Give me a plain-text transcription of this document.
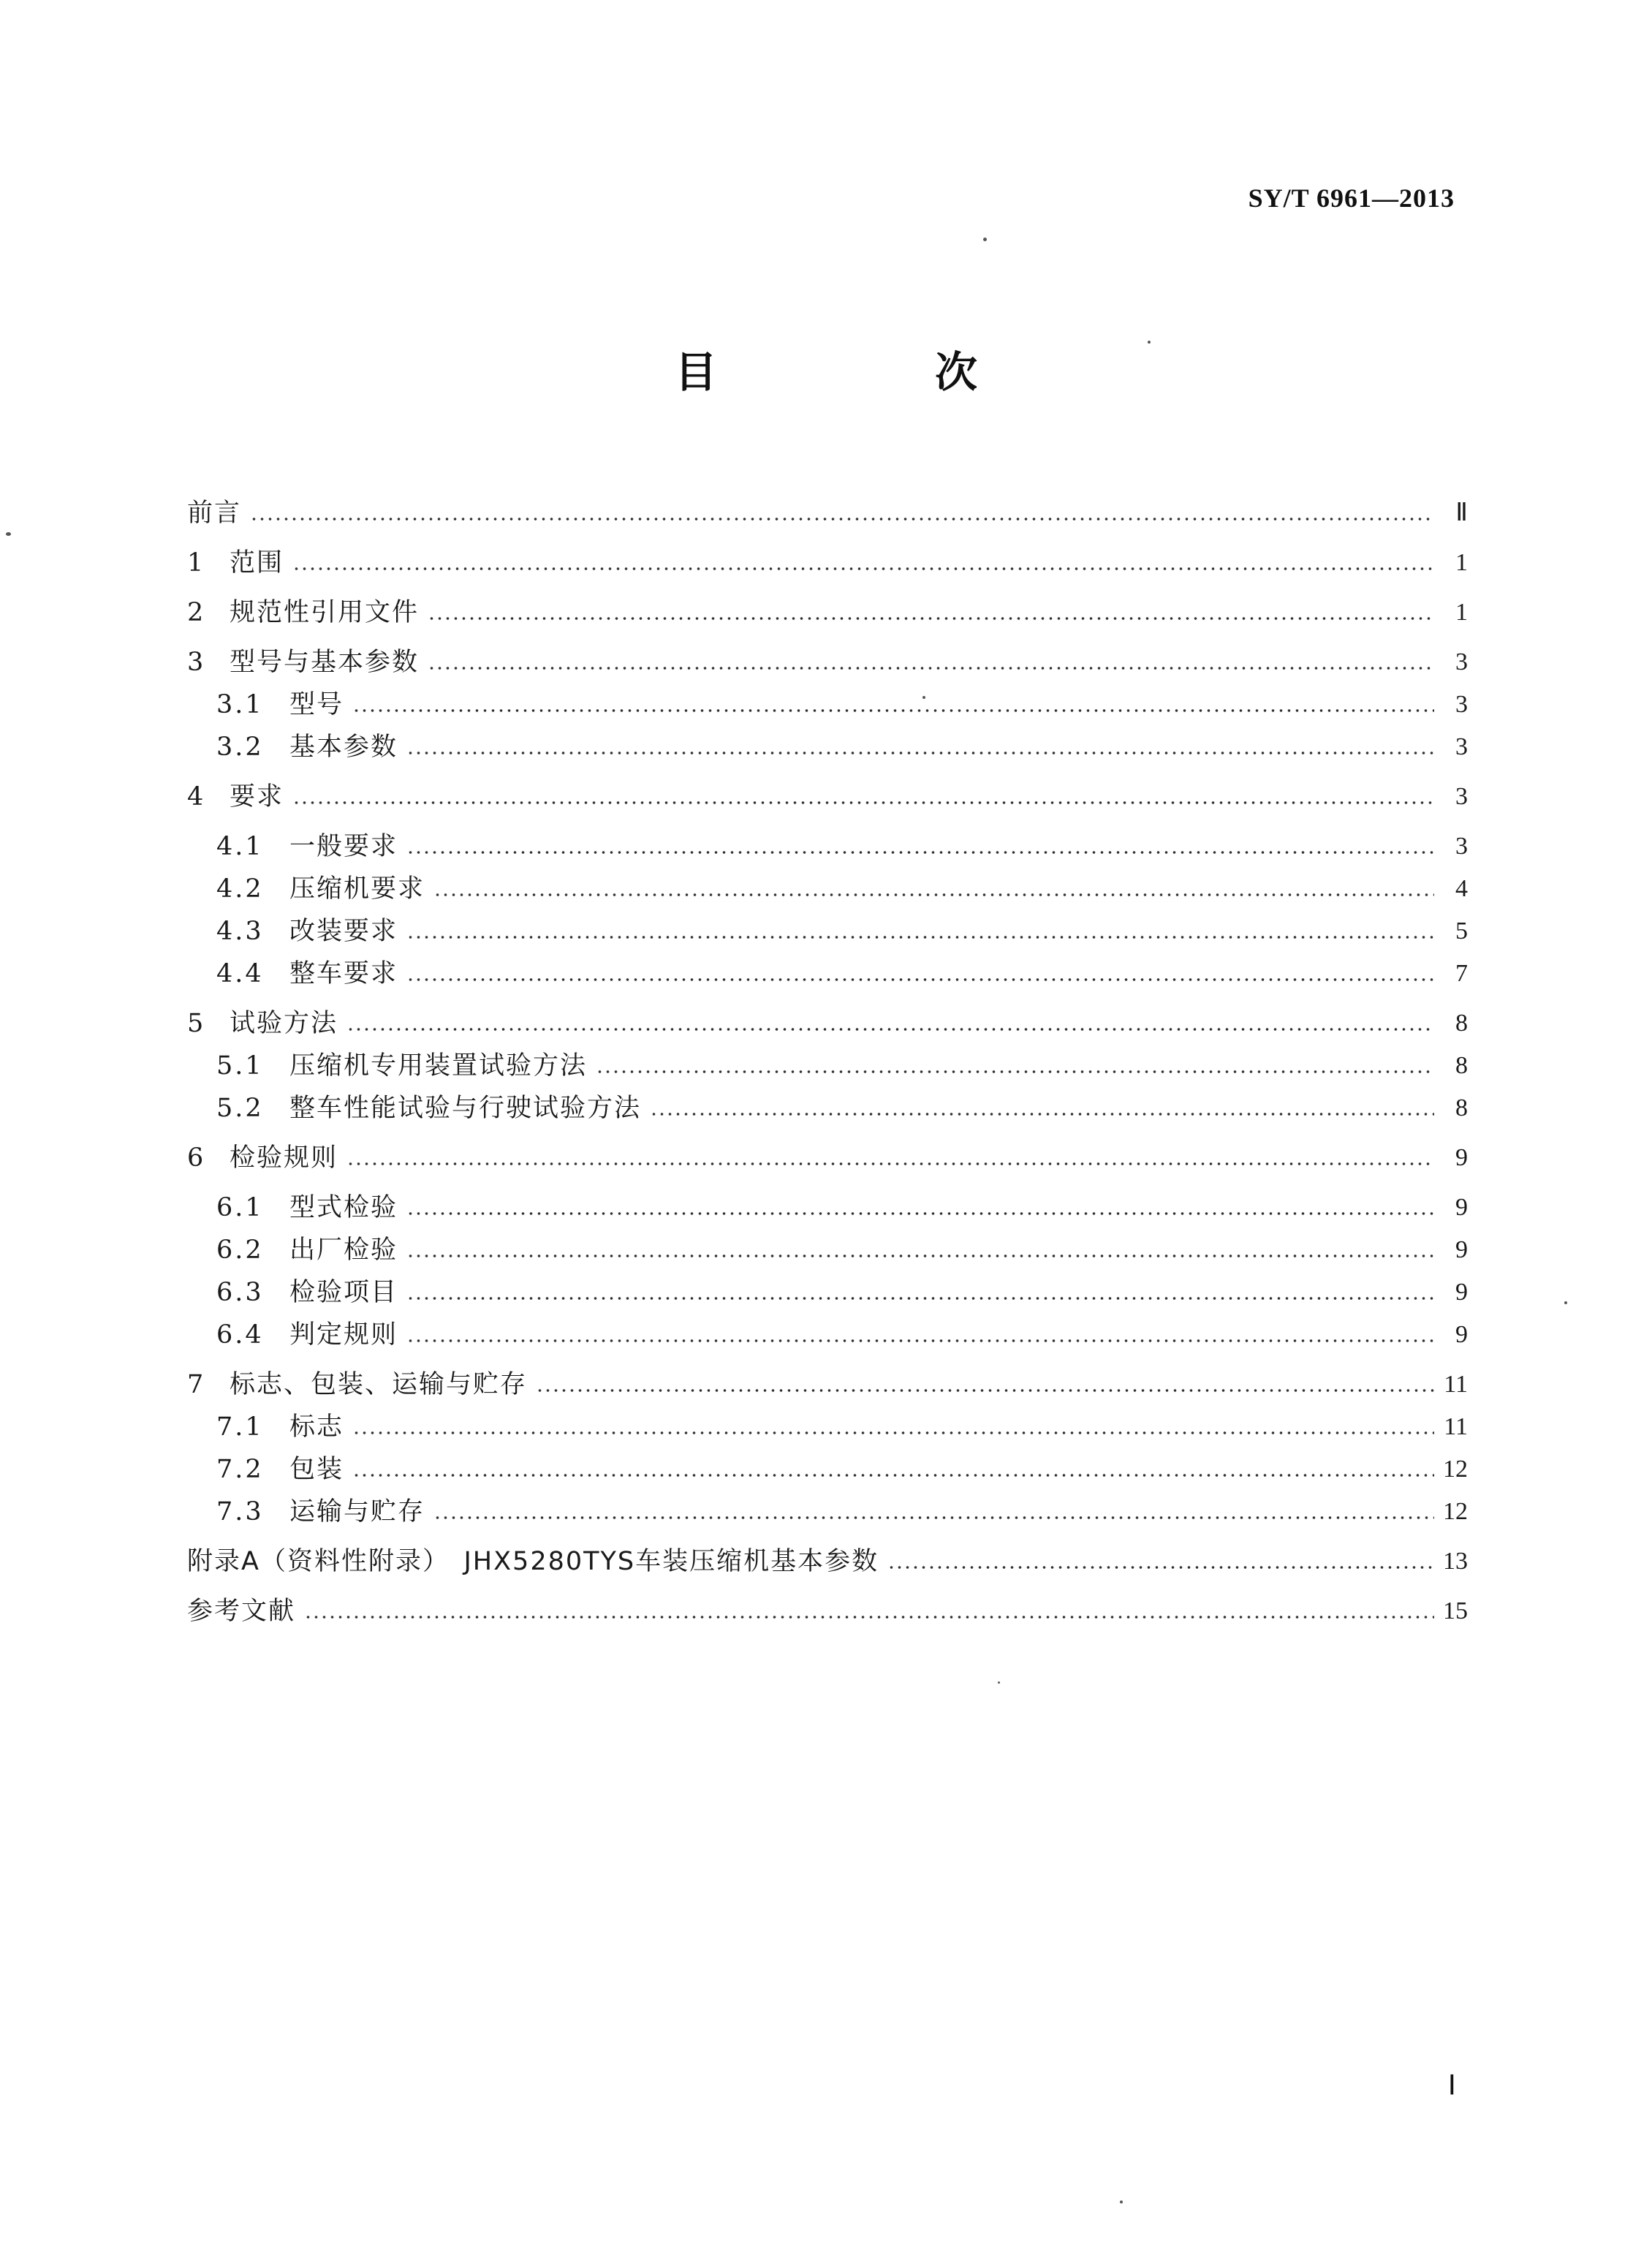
SY/T 6961—2013
目　次
前言	Ⅱ
1 范围	1
2 规范性引用文件	1
3 型号与基本参数	3
3.1	型号	3
3.2	基本参数	3
4 要求	3
4.1	一般要求	3
4.2	压缩机要求	4
4.3	改装要求	5
4.4	整车要求	7
5 试验方法	8
5.1	压缩机专用装置试验方法	8
5.2	整车性能试验与行驶试验方法	8
6 检验规则	9
6.1	型式检验	9
6.2	出厂检验	9
6.3	检验项目	9
6.4	判定规则	9
7 标志、包装、运输与贮存	11
7.1	标志	11
7.2	包装	12
7.3	运输与贮存	12
附录A（资料性附录）　JHX5280TYS车装压缩机基本参数	13
参考文献	15
Ⅰ
